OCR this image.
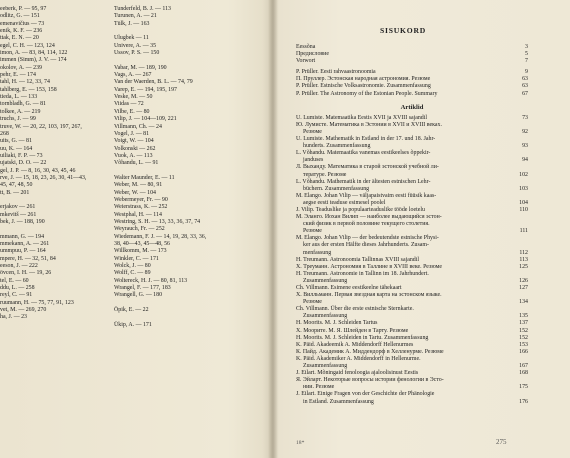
eeberk, P. — 95, 97
odlitz, G. — 151
emenavičius — 73
enik, K. F. — 236
ttak, E. N. — 20
egel, C. H. — 123, 124
imon, A. — 83, 84, 114, 122
immen (Simm), J. V. — 174
okolov, A. — 239
pehr, E. — 174
tahl, H. — 12, 33, 74
tahlberg, E. — 153, 158
tieda, L. — 133
tornbladh, G. — 81
tolkee, A. — 219
truchs, J. — 99
truve, W. — 20, 22, 103, 197, 267,
268
uits, G. — 81
uu, K. — 164
uiliaki, F. P. — 73
ujatski, D. O. — 22
gel, J. P. — 8, 16, 30, 43, 45, 46
rve, J. — 15, 18, 23, 26, 30, 41—43,
45, 47, 48, 50
tt, B. — 201
erjakov — 261
mkevitš — 261
bek, J. — 188, 190
mmann, G. — 194
mmekann, A. — 261
ummpuu, P. — 164
mpere, H. — 32, 51, 84
eeson, J. — 222
övcen, I. H. — 19, 26
tel, E. — 60
ddu, L. — 258
reyl, C. — 91
ruumann, H. — 75, 77, 91, 123
vet, M. — 269, 270
ha, J. — 23
Tunderfeld, B. J. — 113
Turunen, A. — 21
Tülk, J. — 163
Ulugbek — 11
Univere, A. — 35
Ussov, P. S. — 150
Vabar, M. — 189, 190
Vags, A. — 267
Van der Waerden, B. L. — 74, 79
Varep, E. — 194, 195, 197
Veske, M. — 50
Viidas — 72
Vilbe, E. — 80
Vilip, J. — 104—109, 221
Villmann, Ch. — 24
Vogel, J. — 81
Voigt, W. — 104
Volkonski — 262
Vuok, A. — 113
Võhandu, L. — 91
Walter Maunder, E. — 11
Weber, M. — 80, 91
Weber, W. — 104
Webermeyer, Fr. — 90
Weierstrass, K. — 252
Westphal, H. — 114
Westring, S. H. — 13, 33, 36, 37, 74
Weyrauch, Fr. — 252
Wiedemann, F. J. — 14, 19, 28, 33, 36,
38, 40—43, 45—48, 56
Willkomm, M. — 173
Winkler, C. — 171
Wolck, J. — 80
Wolff, C. — 89
Woltereck, H. J. — 80, 81, 113
Wrangel, F. — 177, 183
Wrangell, G. — 180
Öpik, E. — 22
Ükip, A. — 171
SISUKORD
Eessõna	3
Предисловие	5
Vorwort	7
P. Prüller. Eesti rahvaastronoomia	9
П. Пруллер. Эстонская народная астрономия. Резюме	63
P. Prüller. Estnische Volksastronomie. Zusammenfassung	63
P. Prüller. The Astronomy of the Estonian People. Summary	67
Artiklid
U. Lumiste. Matemaatika Eestis XVII ja XVIII sajandil	73
Ю. Лумисте. Математика в Эстонии в XVII и XVIII веках.
Резюме	92
U. Lumiste. Mathematik in Estland in der 17. und 18. Jahr-
hunderts. Zusammenfassung	93
L. Võhandu. Matemaatika vanemas eestikeelses õppekir-
janduses	94
Л. Выханду. Математика в старой эстонской учебной ли-
тературе. Резюме	102
L. Võhandu. Mathematik in der ältesten estnischen Lehr-
büchern. Zusammenfassung	103
M. Elango. Johan Vilip — väljapaistvaim eesti füüsik kaas-
aegse eesti teaduse esimesel poolel	104
J. Vilip. Teaduslike ja populaarteaduslike tööde loetelu	110
М. Эланго. Иохан Вилип — наиболее выдающийся эстон-
ский физик в первой половине текущего столетия.
Резюме	111
M. Elango. Johan Vilip — der bedeutendste estnische Physi-
ker aus der ersten Hälfte dieses Jahrhunderts. Zusam-
menfassung	112
H. Treumann. Astronoomia Tallinnas XVIII sajandil	113
Х. Треуманн. Астрономия в Таллине в XVIII веке. Резюме	125
H. Treumann. Astronomie in Tallinn im 18. Jahrhundert.
Zusammenfassung	126
Ch. Villmann. Esimene eestikeelne tähekaart	127
Х. Вилльманн. Первая звездная карта на эстонском языке.
Резюме	134
Ch. Villmann. Über die erste estnische Sternkarte.
Zusammenfassung	135
H. Moorits. M. J. Schleiden Tartus	137
Х. Моорите. М. Я. Шлейден в Тарту. Резюме	152
H. Moorits. M. J. Schleiden in Tartu. Zusammenfassung	152
K. Päid. Akadeemik A. Middendorff Hellenurmes	153
К. Пайд. Академик А. Миддендорф в Хелленурме. Резюме	166
K. Päid. Akademiker A. Middendorff in Hellenurme.
Zusammenfassung	167
J. Eilart. Mõningaid fenoloogia ajaloolisinust Eestis	168
Я. Эйларт. Некоторые вопросы истории фенологии в Эсто-
нии. Резюме	175
J. Eilart. Einige Fragen von der Geschichte der Phänologie
in Estland. Zusammenfassung	176
18*	275
